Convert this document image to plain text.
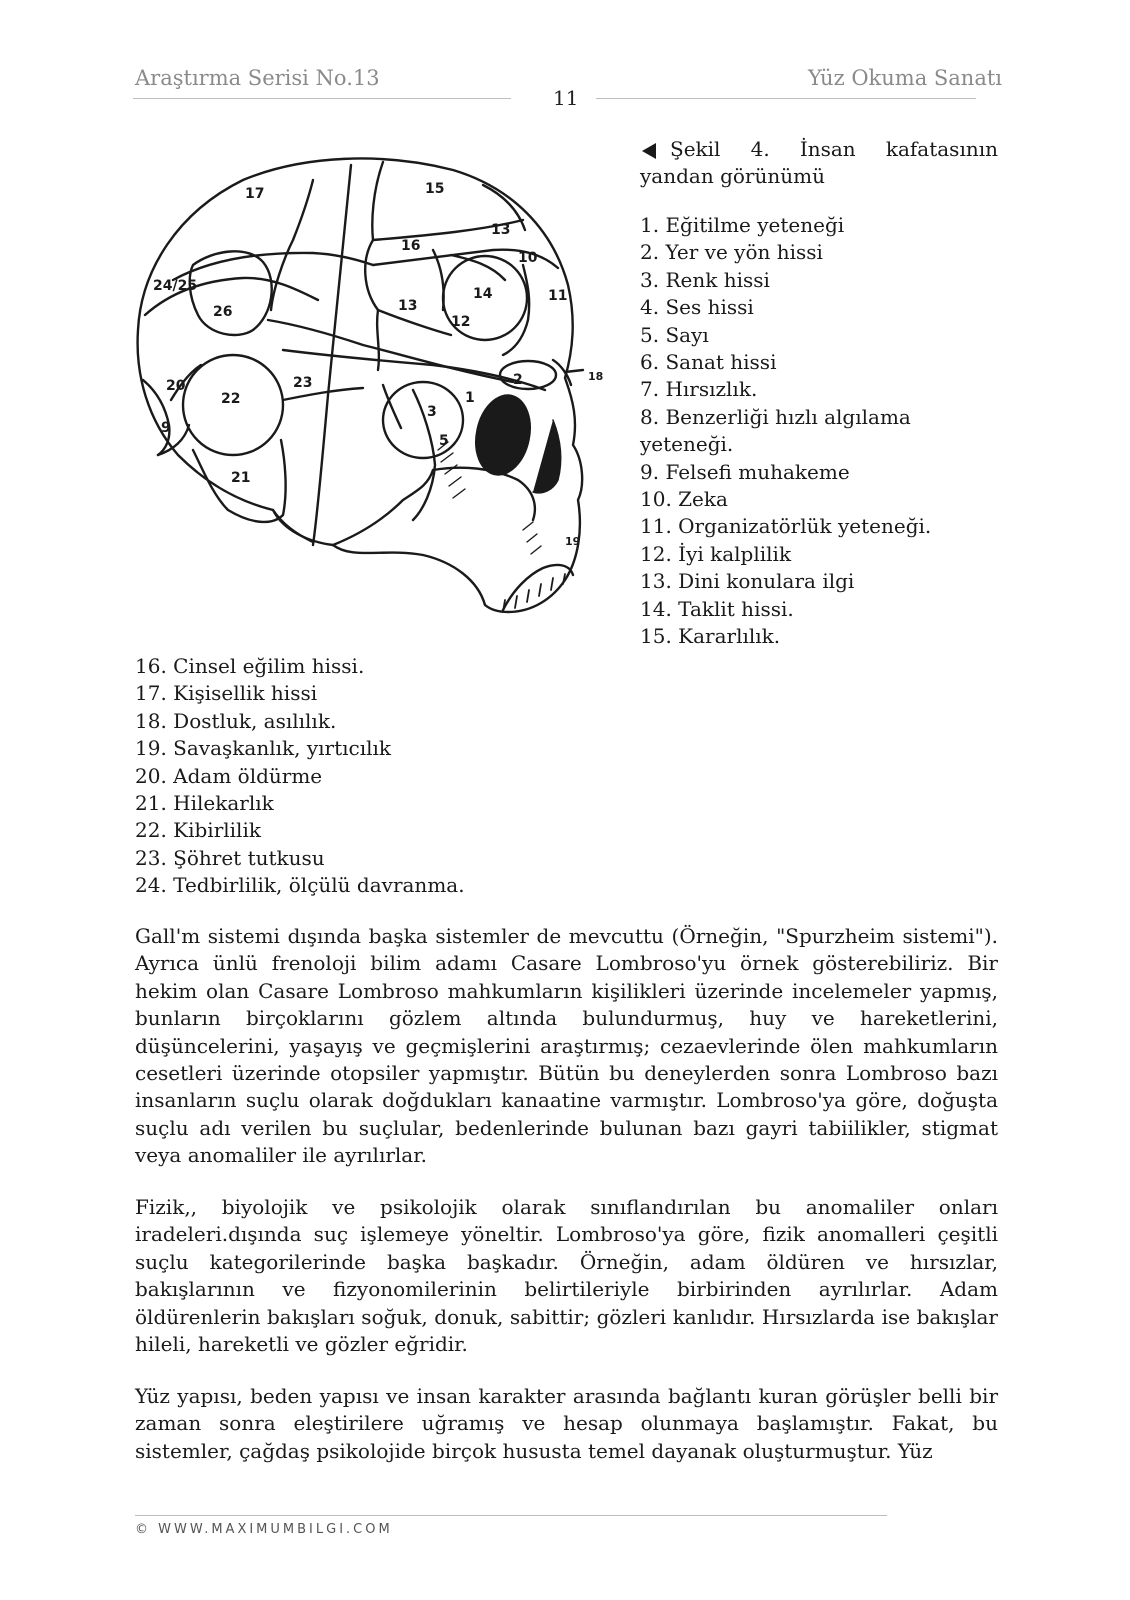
Araştırma Serisi No.13
11
Yüz Okuma Sanatı
17	15
16
13
10
11
14
12
24/25
26	13
20
22
23
9
2
1
3
5
18
21
19
Şekil 4. İnsan kafatasının yandan görünümü
1. Eğitilme yeteneği
2. Yer ve yön hissi
3. Renk hissi
4. Ses hissi
5. Sayı
6. Sanat hissi
7. Hırsızlık.
8. Benzerliği hızlı algılama yeteneği.
9. Felsefi muhakeme
10. Zeka
11. Organizatörlük yeteneği.
12. İyi kalplilik
13. Dini konulara ilgi
14. Taklit hissi.
15. Kararlılık.
16. Cinsel eğilim hissi.
17. Kişisellik hissi
18. Dostluk, asılılık.
19. Savaşkanlık, yırtıcılık
20. Adam öldürme
21. Hilekarlık
22. Kibirlilik
23. Şöhret tutkusu
24. Tedbirlilik, ölçülü davranma.

Gall'm sistemi dışında başka sistemler de mevcuttu (Örneğin, "Spurzheim sistemi"). Ayrıca ünlü frenoloji bilim adamı Casare Lombroso'yu örnek gösterebiliriz. Bir hekim olan Casare Lombroso mahkumların kişilikleri üzerinde incelemeler yapmış, bunların birçoklarını gözlem altında bulundurmuş, huy ve hareketlerini, düşüncelerini, yaşayış ve geçmişlerini araştırmış; cezaevlerinde ölen mahkumların cesetleri üzerinde otopsiler yapmıştır. Bütün bu deneylerden sonra Lombroso bazı insanların suçlu olarak doğdukları kanaatine varmıştır. Lombroso'ya göre, doğuşta suçlu adı verilen bu suçlular, bedenlerinde bulunan bazı gayri tabiilikler, stigmat veya anomaliler ile ayrılırlar.

Fizik,, biyolojik ve psikolojik olarak sınıflandırılan bu anomaliler onları iradeleri.dışında suç işlemeye yöneltir. Lombroso'ya göre, fizik anomalleri çeşitli suçlu kategorilerinde başka başkadır. Örneğin, adam öldüren ve hırsızlar, bakışlarının ve fizyonomilerinin belirtileriyle birbirinden ayrılırlar. Adam öldürenlerin bakışları soğuk, donuk, sabittir; gözleri kanlıdır. Hırsızlarda ise bakışlar hileli, hareketli ve gözler eğridir.

Yüz yapısı, beden yapısı ve insan karakter arasında bağlantı kuran görüşler belli bir zaman sonra eleştirilere uğramış ve hesap olunmaya başlamıştır. Fakat, bu sistemler, çağdaş psikolojide birçok hususta temel dayanak oluşturmuştur. Yüz

© WWW.MAXIMUMBILGI.COM
